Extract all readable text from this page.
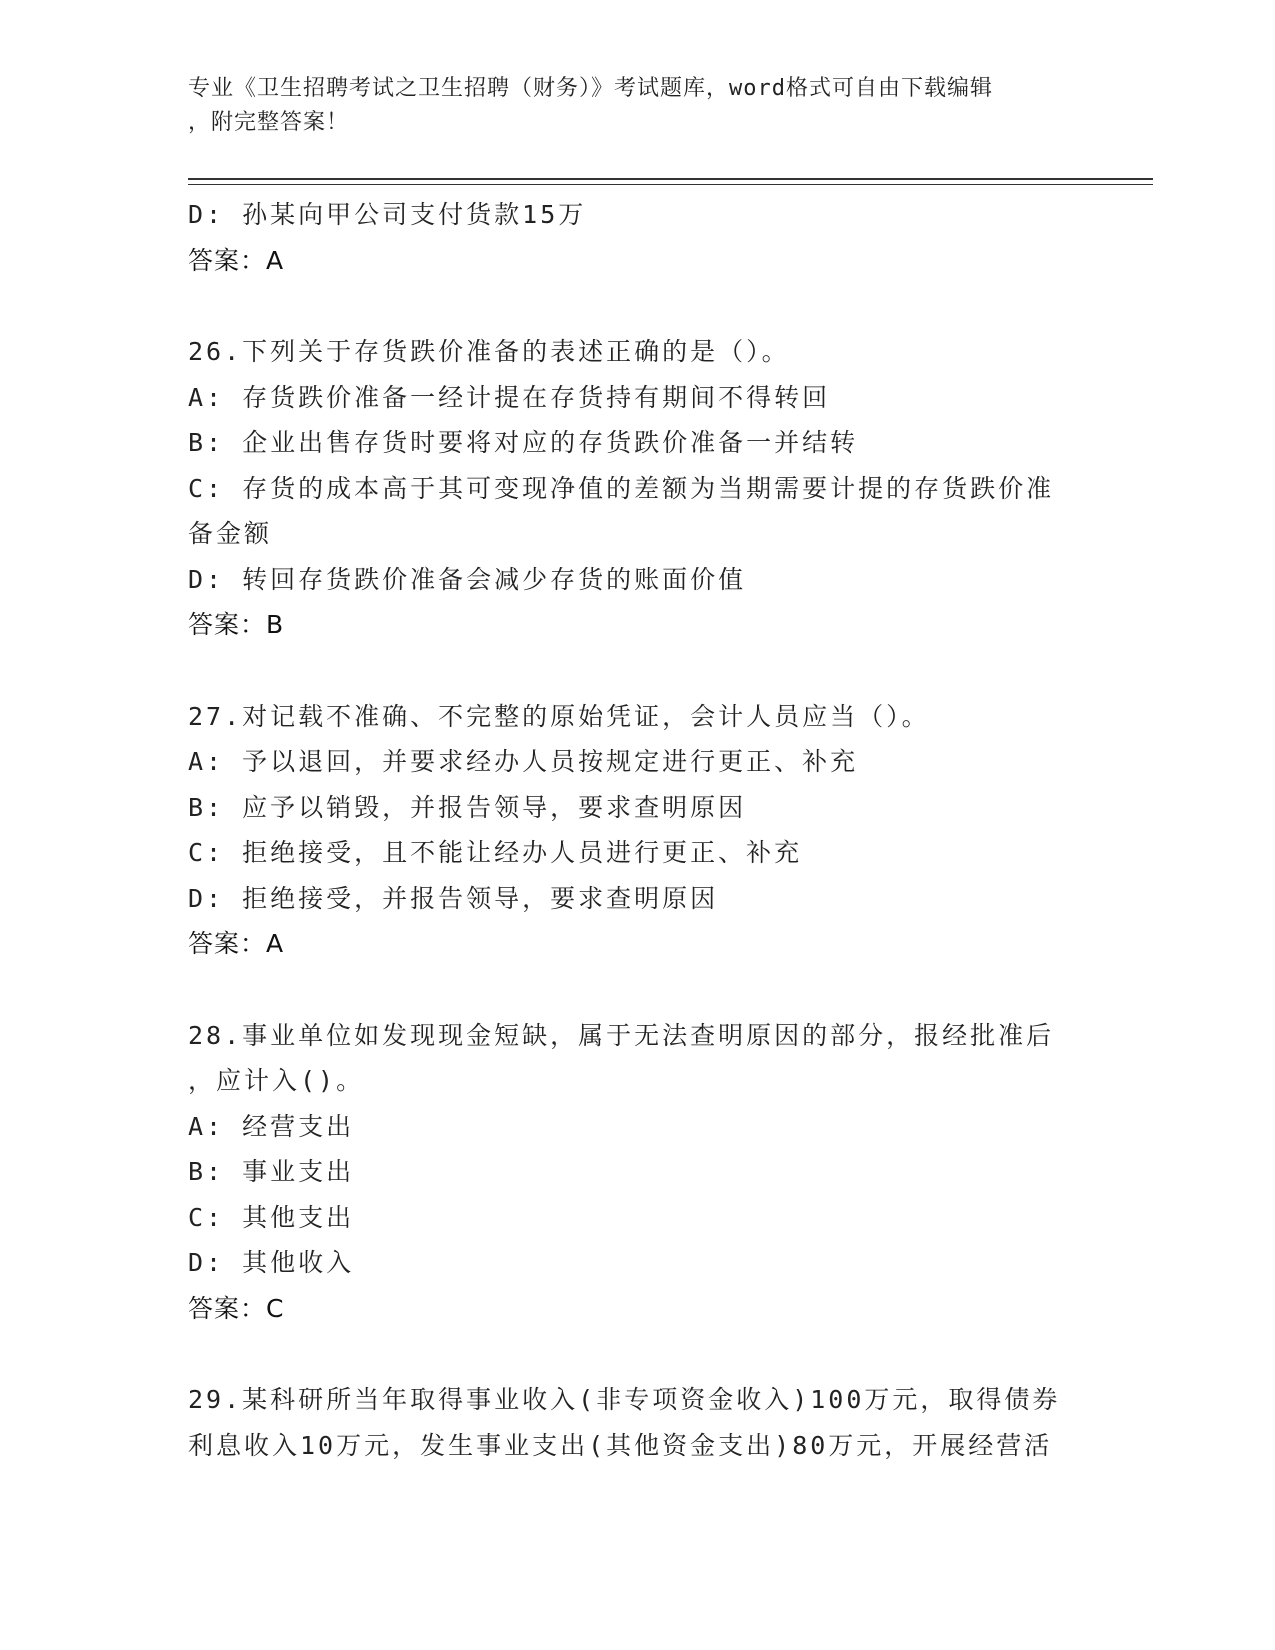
专业《卫生招聘考试之卫生招聘（财务）》考试题库，word格式可自由下载编辑
，附完整答案！
D: 孙某向甲公司支付货款15万
答案：A
26.下列关于存货跌价准备的表述正确的是（）。
A: 存货跌价准备一经计提在存货持有期间不得转回
B: 企业出售存货时要将对应的存货跌价准备一并结转
C: 存货的成本高于其可变现净值的差额为当期需要计提的存货跌价准
备金额
D: 转回存货跌价准备会减少存货的账面价值
答案：B
27.对记载不准确、不完整的原始凭证，会计人员应当（）。
A: 予以退回，并要求经办人员按规定进行更正、补充
B: 应予以销毁，并报告领导，要求查明原因
C: 拒绝接受，且不能让经办人员进行更正、补充
D: 拒绝接受，并报告领导，要求查明原因
答案：A
28.事业单位如发现现金短缺，属于无法查明原因的部分，报经批准后
，应计入()。
A: 经营支出
B: 事业支出
C: 其他支出
D: 其他收入
答案：C
29.某科研所当年取得事业收入(非专项资金收入)100万元，取得债券
利息收入10万元，发生事业支出(其他资金支出)80万元，开展经营活
